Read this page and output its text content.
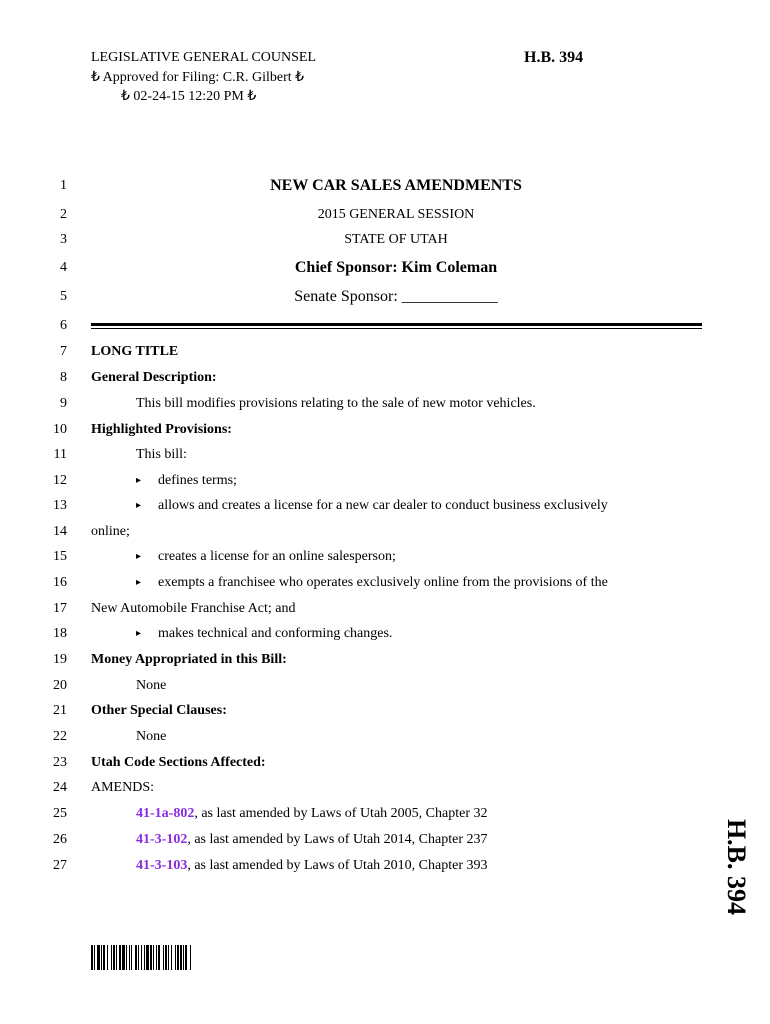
LEGISLATIVE GENERAL COUNSEL
₺ Approved for Filing: C.R. Gilbert ₺
₺ 02-24-15 12:20 PM ₺
H.B. 394
1	NEW CAR SALES AMENDMENTS
2	2015 GENERAL SESSION
3	STATE OF UTAH
4	Chief Sponsor: Kim Coleman
5	Senate Sponsor: ____________
6
7 LONG TITLE
8 General Description:
9	This bill modifies provisions relating to the sale of new motor vehicles.
10 Highlighted Provisions:
11	This bill:
12	▸ defines terms;
13	▸ allows and creates a license for a new car dealer to conduct business exclusively
14 online;
15	▸ creates a license for an online salesperson;
16	▸ exempts a franchisee who operates exclusively online from the provisions of the
17 New Automobile Franchise Act; and
18	▸ makes technical and conforming changes.
19 Money Appropriated in this Bill:
20	None
21 Other Special Clauses:
22	None
23 Utah Code Sections Affected:
24 AMENDS:
25	41-1a-802, as last amended by Laws of Utah 2005, Chapter 32
26	41-3-102, as last amended by Laws of Utah 2014, Chapter 237
27	41-3-103, as last amended by Laws of Utah 2010, Chapter 393	H.B. 394
